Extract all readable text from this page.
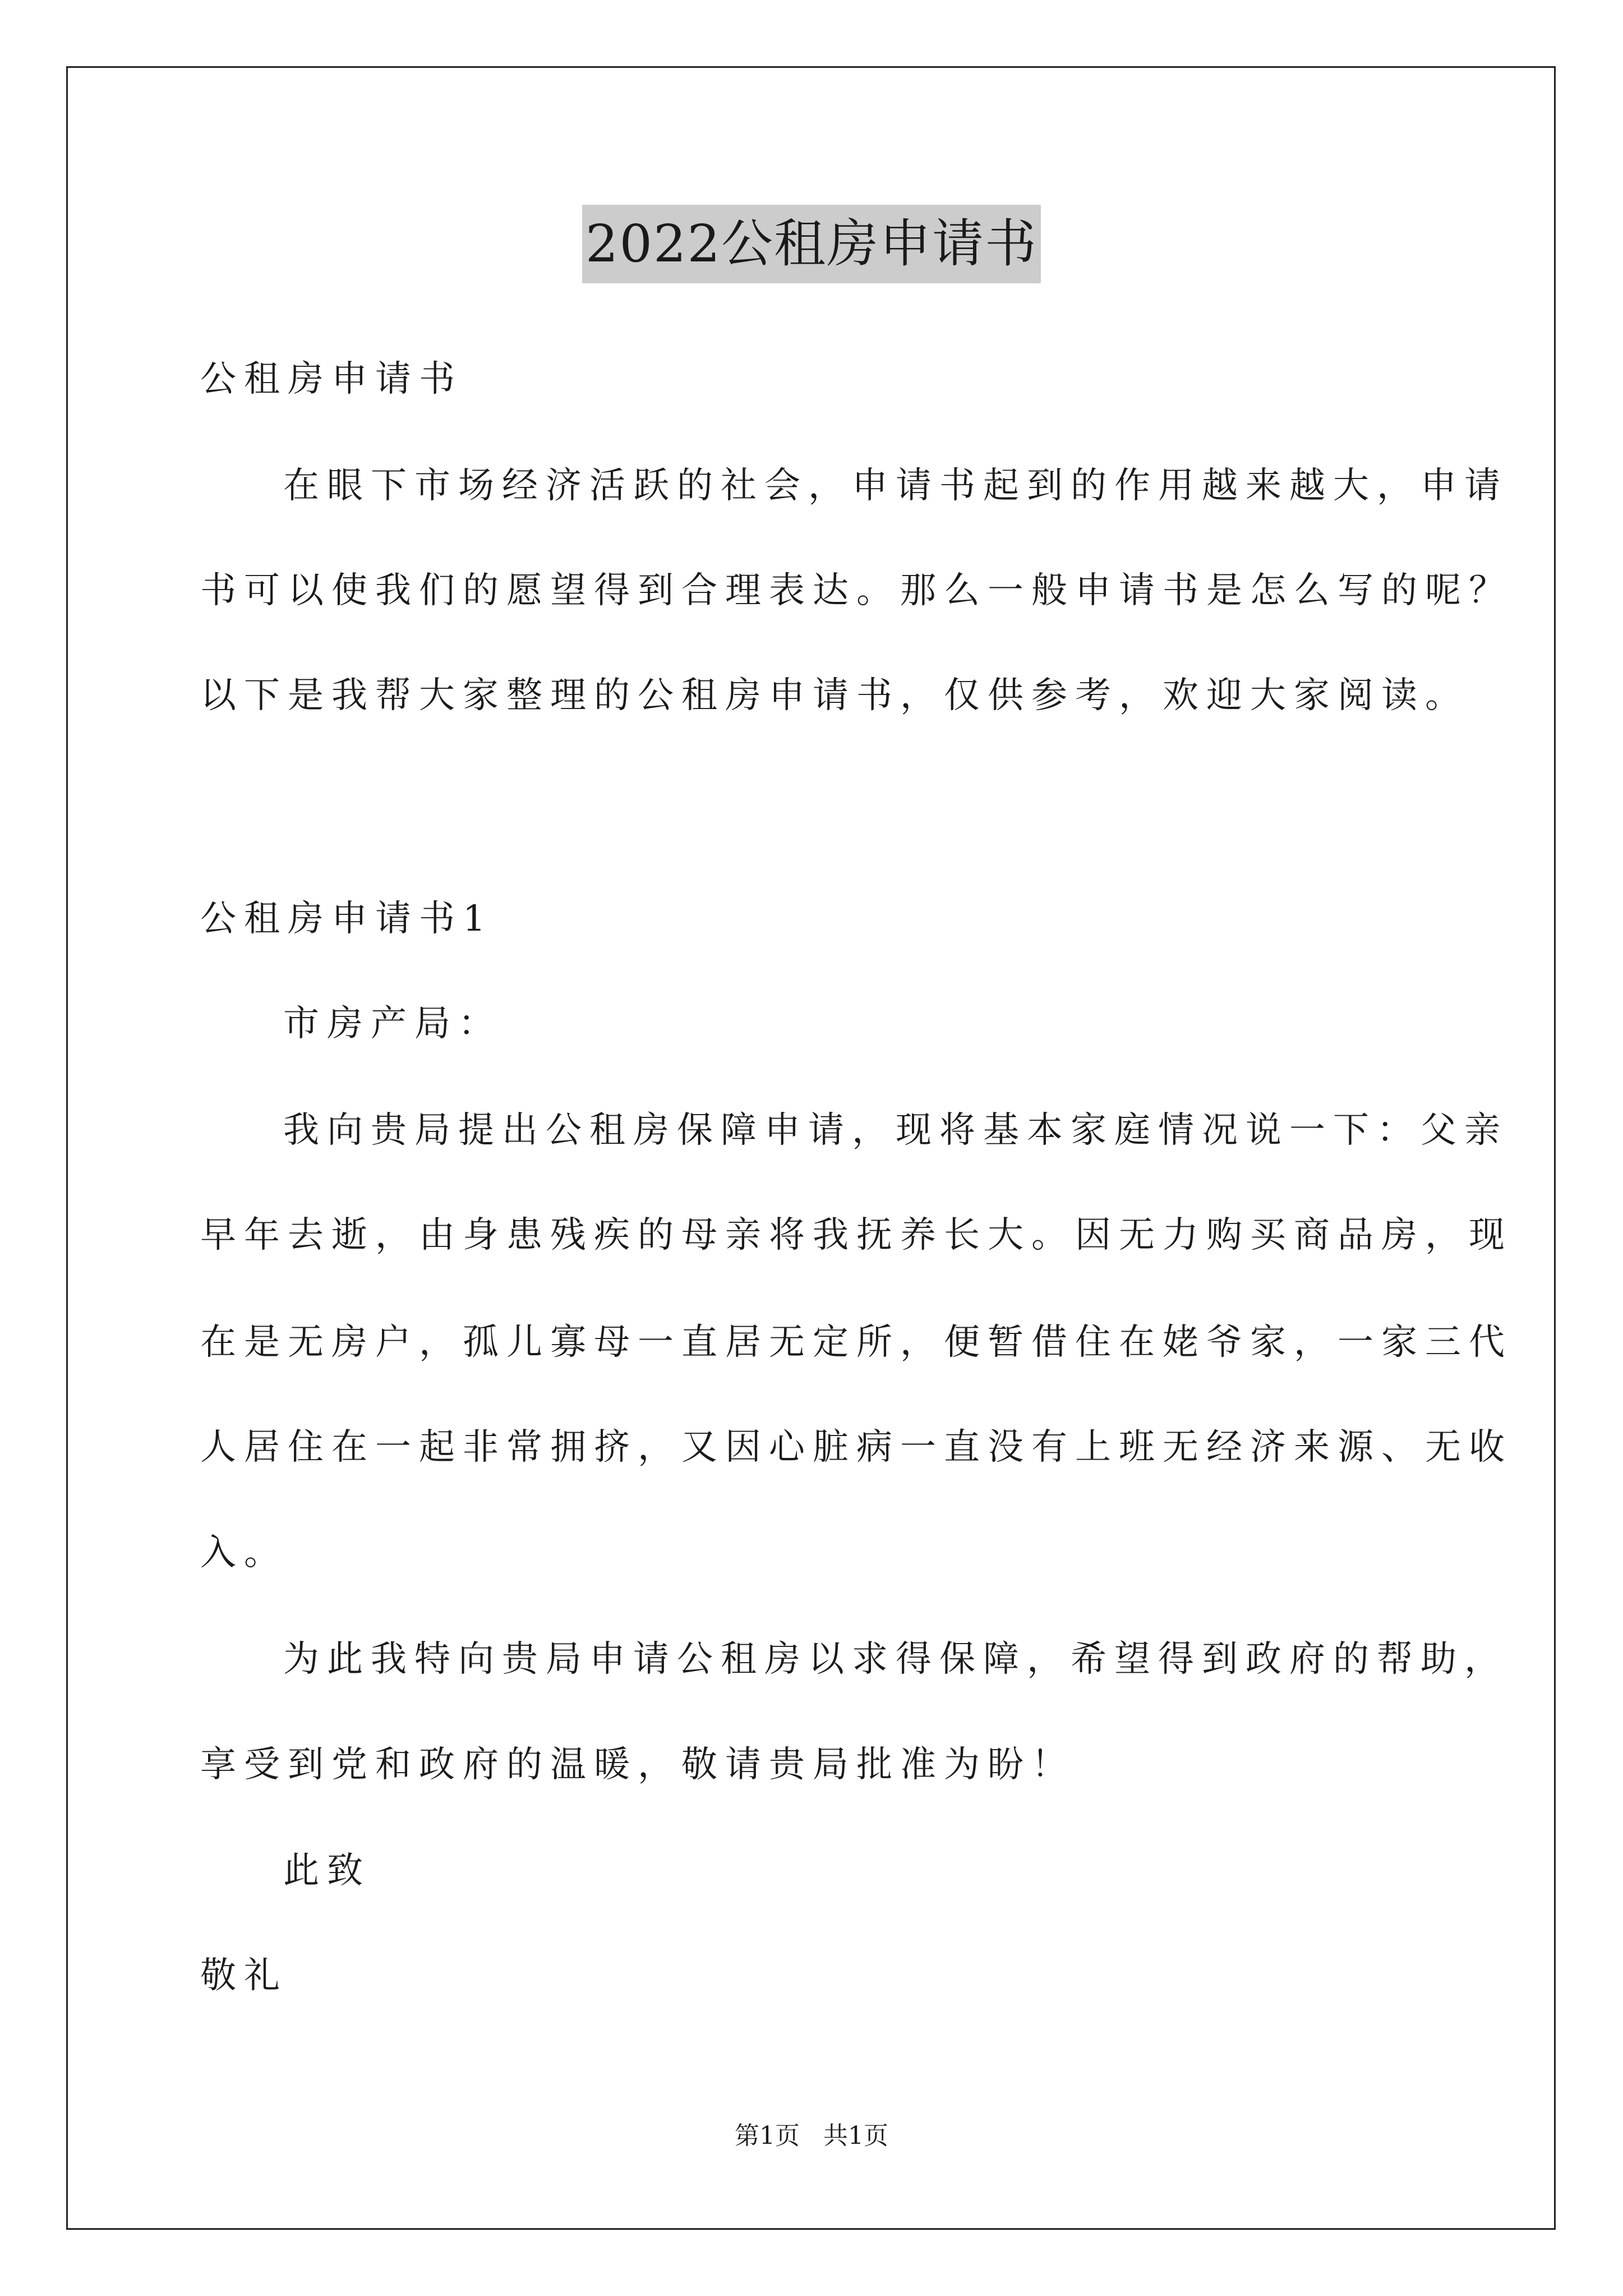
2022公租房申请书

公租房申请书

在眼下市场经济活跃的社会，申请书起到的作用越来越大，申请

书可以使我们的愿望得到合理表达。那么一般申请书是怎么写的呢？

以下是我帮大家整理的公租房申请书，仅供参考，欢迎大家阅读。

公租房申请书1

市房产局：

我向贵局提出公租房保障申请，现将基本家庭情况说一下：父亲

早年去逝，由身患残疾的母亲将我抚养长大。因无力购买商品房，现

在是无房户，孤儿寡母一直居无定所，便暂借住在姥爷家，一家三代

人居住在一起非常拥挤，又因心脏病一直没有上班无经济来源、无收

入。

为此我特向贵局申请公租房以求得保障，希望得到政府的帮助，

享受到党和政府的温暖，敬请贵局批准为盼！

此致

敬礼

第1页 共1页
